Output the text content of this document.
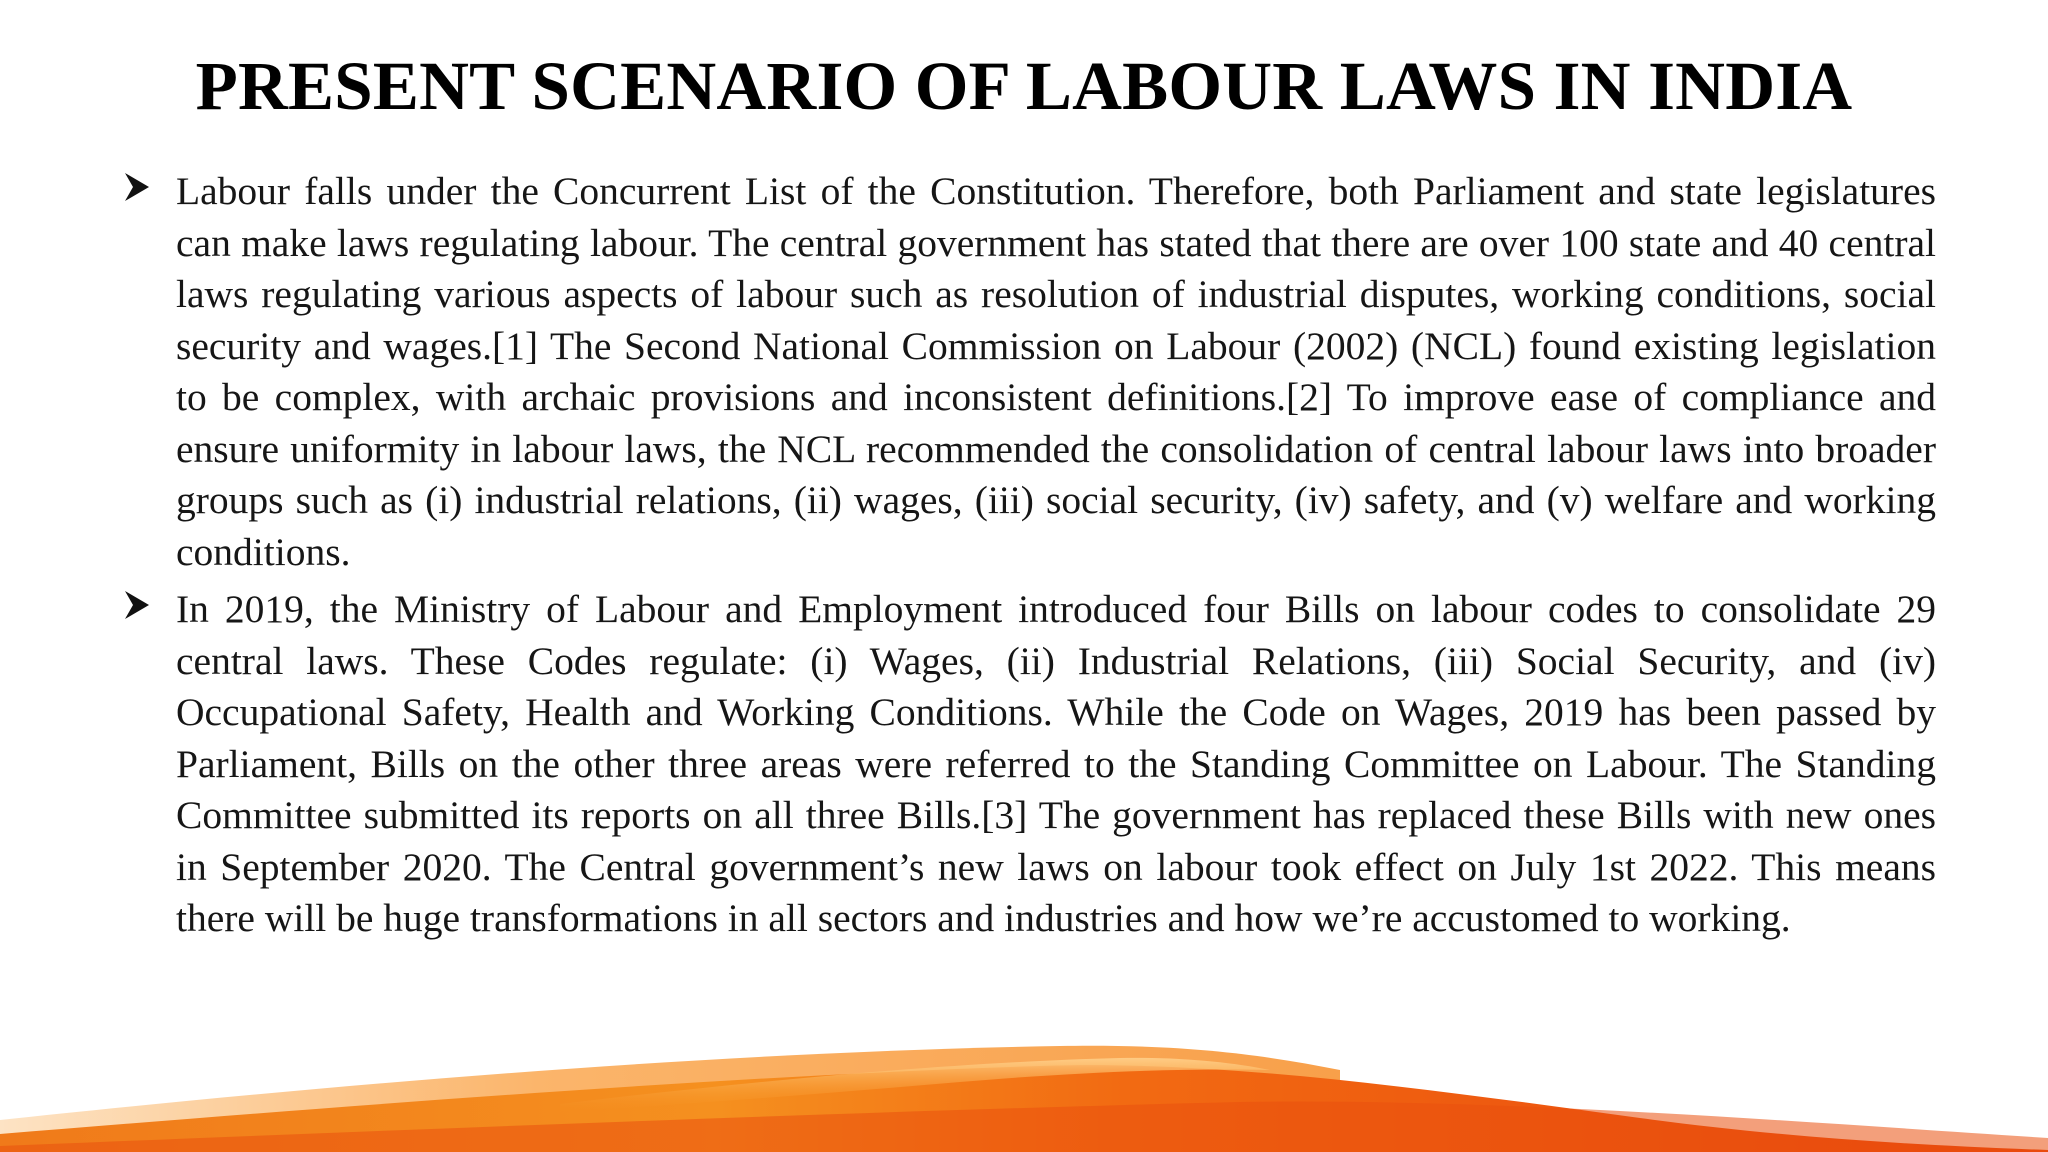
PRESENT SCENARIO OF LABOUR LAWS IN INDIA
Labour falls under the Concurrent List of the Constitution. Therefore, both Parliament and state legislatures can make laws regulating labour. The central government has stated that there are over 100 state and 40 central laws regulating various aspects of labour such as resolution of industrial disputes, working conditions, social security and wages.[1] The Second National Commission on Labour (2002) (NCL) found existing legislation to be complex, with archaic provisions and inconsistent definitions.[2] To improve ease of compliance and ensure uniformity in labour laws, the NCL recommended the consolidation of central labour laws into broader groups such as (i) industrial relations, (ii) wages, (iii) social security, (iv) safety, and (v) welfare and working conditions.
In 2019, the Ministry of Labour and Employment introduced four Bills on labour codes to consolidate 29 central laws. These Codes regulate: (i) Wages, (ii) Industrial Relations, (iii) Social Security, and (iv) Occupational Safety, Health and Working Conditions. While the Code on Wages, 2019 has been passed by Parliament, Bills on the other three areas were referred to the Standing Committee on Labour. The Standing Committee submitted its reports on all three Bills.[3] The government has replaced these Bills with new ones in September 2020. The Central government’s new laws on labour took effect on July 1st 2022. This means there will be huge transformations in all sectors and industries and how we’re accustomed to working.
